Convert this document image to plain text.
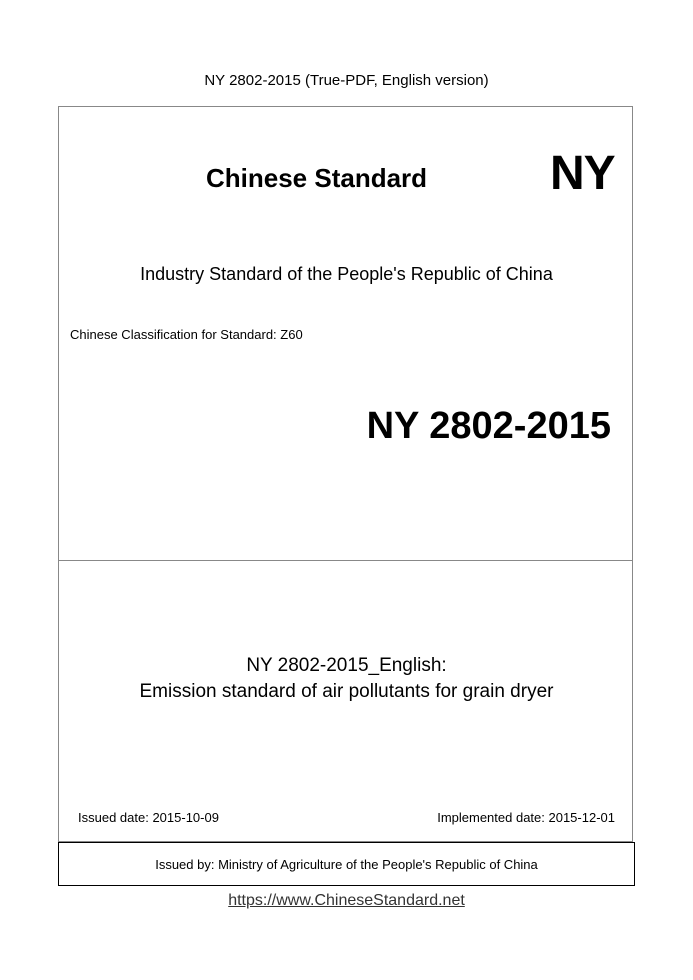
NY 2802-2015 (True-PDF, English version)
Issued by: Ministry of Agriculture of the People's Republic of China
Chinese Standard	NY
Industry Standard of the People's Republic of China
Chinese Classification for Standard: Z60
NY 2802-2015
NY 2802-2015_English:
Emission standard of air pollutants for grain dryer
Issued date: 2015-10-09	Implemented date: 2015-12-01
https://www.ChineseStandard.net
